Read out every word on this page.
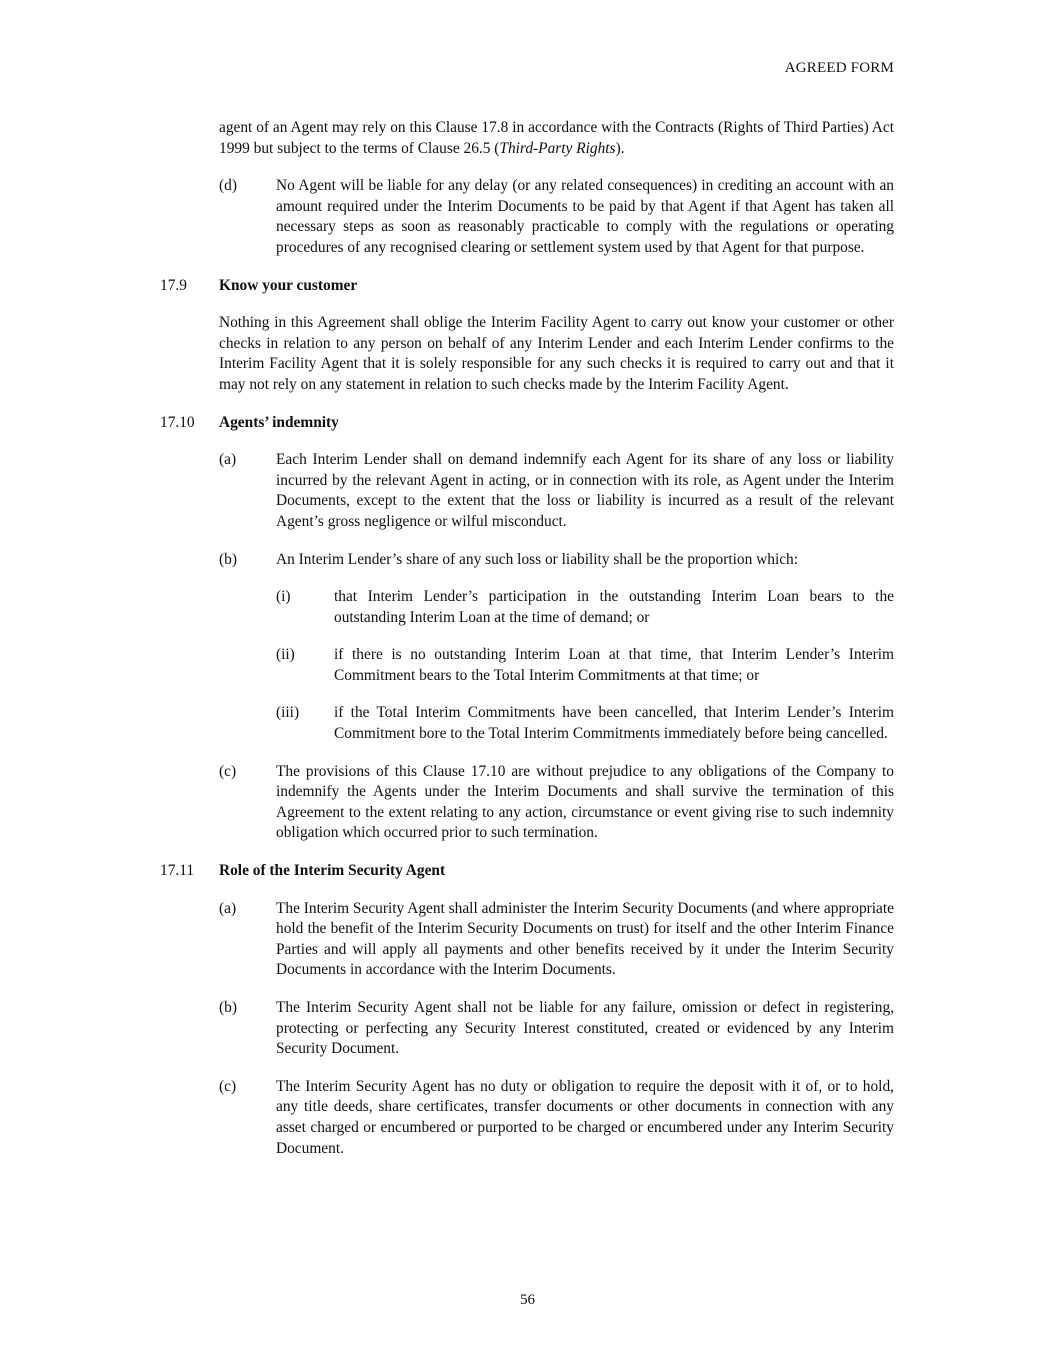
AGREED FORM

agent of an Agent may rely on this Clause 17.8 in accordance with the Contracts (Rights of Third Parties) Act 1999 but subject to the terms of Clause 26.5 (Third-Party Rights).

(d)	No Agent will be liable for any delay (or any related consequences) in crediting an account with an amount required under the Interim Documents to be paid by that Agent if that Agent has taken all necessary steps as soon as reasonably practicable to comply with the regulations or operating procedures of any recognised clearing or settlement system used by that Agent for that purpose.
17.9	Know your customer

Nothing in this Agreement shall oblige the Interim Facility Agent to carry out know your customer or other checks in relation to any person on behalf of any Interim Lender and each Interim Lender confirms to the Interim Facility Agent that it is solely responsible for any such checks it is required to carry out and that it may not rely on any statement in relation to such checks made by the Interim Facility Agent.

17.10	Agents’ indemnity
(a)	Each Interim Lender shall on demand indemnify each Agent for its share of any loss or liability incurred by the relevant Agent in acting, or in connection with its role, as Agent under the Interim Documents, except to the extent that the loss or liability is incurred as a result of the relevant Agent’s gross negligence or wilful misconduct.
(b)	An Interim Lender’s share of any such loss or liability shall be the proportion which:
(i)	that Interim Lender’s participation in the outstanding Interim Loan bears to the outstanding Interim Loan at the time of demand; or
(ii)	if there is no outstanding Interim Loan at that time, that Interim Lender’s Interim Commitment bears to the Total Interim Commitments at that time; or
(iii)	if the Total Interim Commitments have been cancelled, that Interim Lender’s Interim Commitment bore to the Total Interim Commitments immediately before being cancelled.
(c)	The provisions of this Clause 17.10 are without prejudice to any obligations of the Company to indemnify the Agents under the Interim Documents and shall survive the termination of this Agreement to the extent relating to any action, circumstance or event giving rise to such indemnity obligation which occurred prior to such termination.
17.11	Role of the Interim Security Agent
(a)	The Interim Security Agent shall administer the Interim Security Documents (and where appropriate hold the benefit of the Interim Security Documents on trust) for itself and the other Interim Finance Parties and will apply all payments and other benefits received by it under the Interim Security Documents in accordance with the Interim Documents.
(b)	The Interim Security Agent shall not be liable for any failure, omission or defect in registering, protecting or perfecting any Security Interest constituted, created or evidenced by any Interim Security Document.
(c)	The Interim Security Agent has no duty or obligation to require the deposit with it of, or to hold, any title deeds, share certificates, transfer documents or other documents in connection with any asset charged or encumbered or purported to be charged or encumbered under any Interim Security Document.
56
